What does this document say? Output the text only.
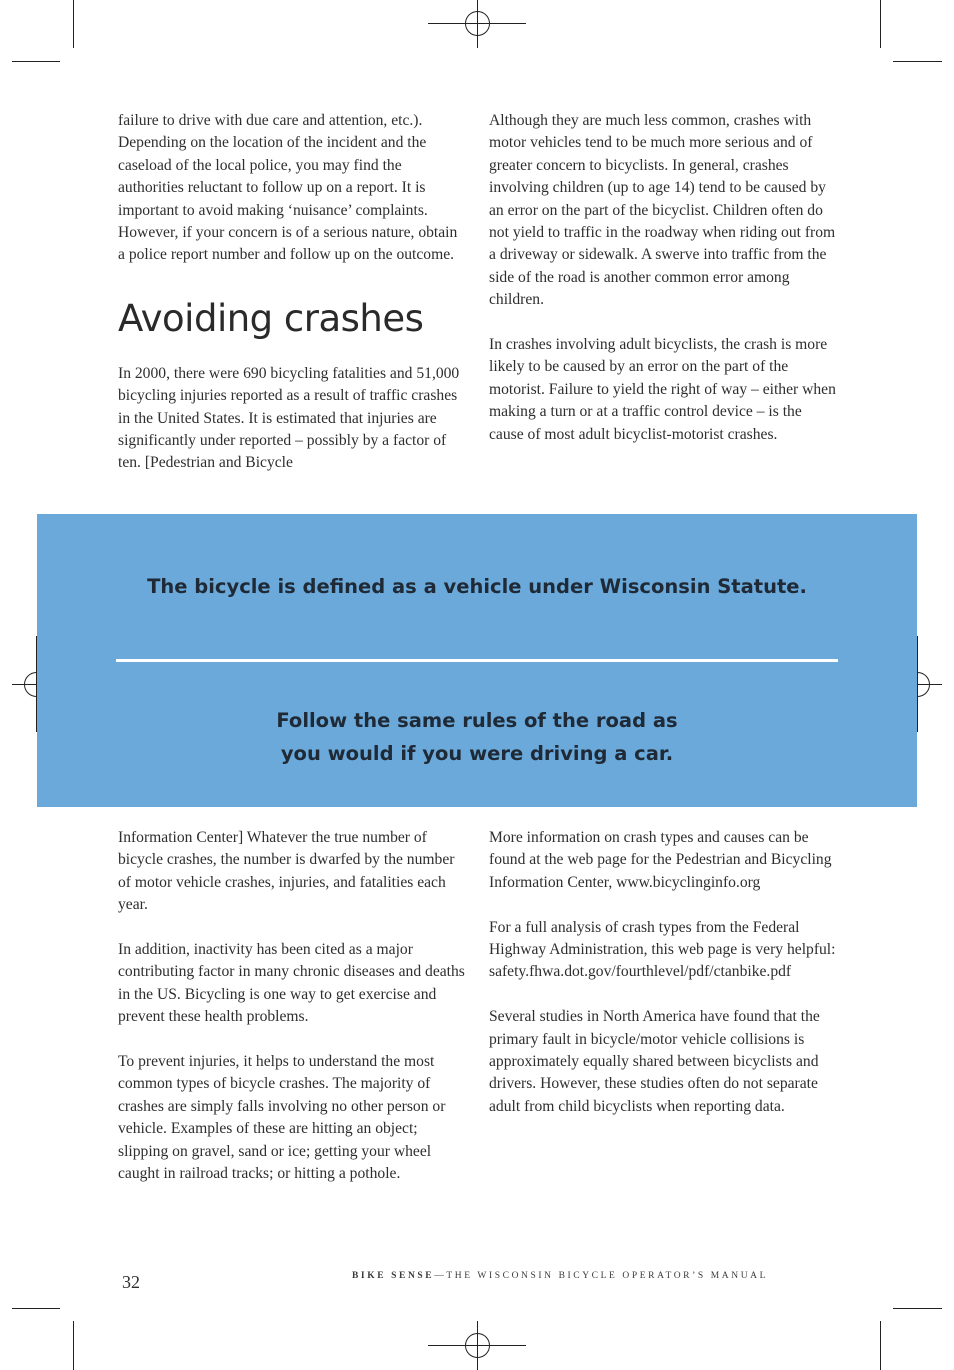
failure to drive with due care and attention, etc.). Depending on the location of the incident and the caseload of the local police, you may find the authorities reluctant to follow up on a report. It is important to avoid making ‘nuisance’ complaints. However, if your concern is of a serious nature, obtain a police report number and follow up on the outcome.

Avoiding crashes

In 2000, there were 690 bicycling fatalities and 51,000 bicycling injuries reported as a result of traffic crashes in the United States. It is estimated that injuries are significantly under reported – possibly by a factor of ten. [Pedestrian and Bicycle

Although they are much less common, crashes with motor vehicles tend to be much more serious and of greater concern to bicyclists. In general, crashes involving children (up to age 14) tend to be caused by an error on the part of the bicyclist. Children often do not yield to traffic in the roadway when riding out from a driveway or sidewalk. A swerve into traffic from the side of the road is another common error among children.

In crashes involving adult bicyclists, the crash is more likely to be caused by an error on the part of the motorist. Failure to yield the right of way – either when making a turn or at a traffic control device – is the cause of most adult bicyclist-motorist crashes.

The bicycle is defined as a vehicle under Wisconsin Statute.
Follow the same rules of the road as
you would if you were driving a car.

Information Center] Whatever the true number of bicycle crashes, the number is dwarfed by the number of motor vehicle crashes, injuries, and fatalities each year.

In addition, inactivity has been cited as a major contributing factor in many chronic diseases and deaths in the US. Bicycling is one way to get exercise and prevent these health problems.

To prevent injuries, it helps to understand the most common types of bicycle crashes. The majority of crashes are simply falls involving no other person or vehicle. Examples of these are hitting an object; slipping on gravel, sand or ice; getting your wheel caught in railroad tracks; or hitting a pothole.

More information on crash types and causes can be found at the web page for the Pedestrian and Bicycling Information Center, www.bicyclinginfo.org

For a full analysis of crash types from the Federal Highway Administration, this web page is very helpful: safety.fhwa.dot.gov/fourthlevel/pdf/ctanbike.pdf

Several studies in North America have found that the primary fault in bicycle/motor vehicle collisions is approximately equally shared between bicyclists and drivers. However, these studies often do not separate adult from child bicyclists when reporting data.

32	BIKE SENSE—THE WISCONSIN BICYCLE OPERATOR’S MANUAL
